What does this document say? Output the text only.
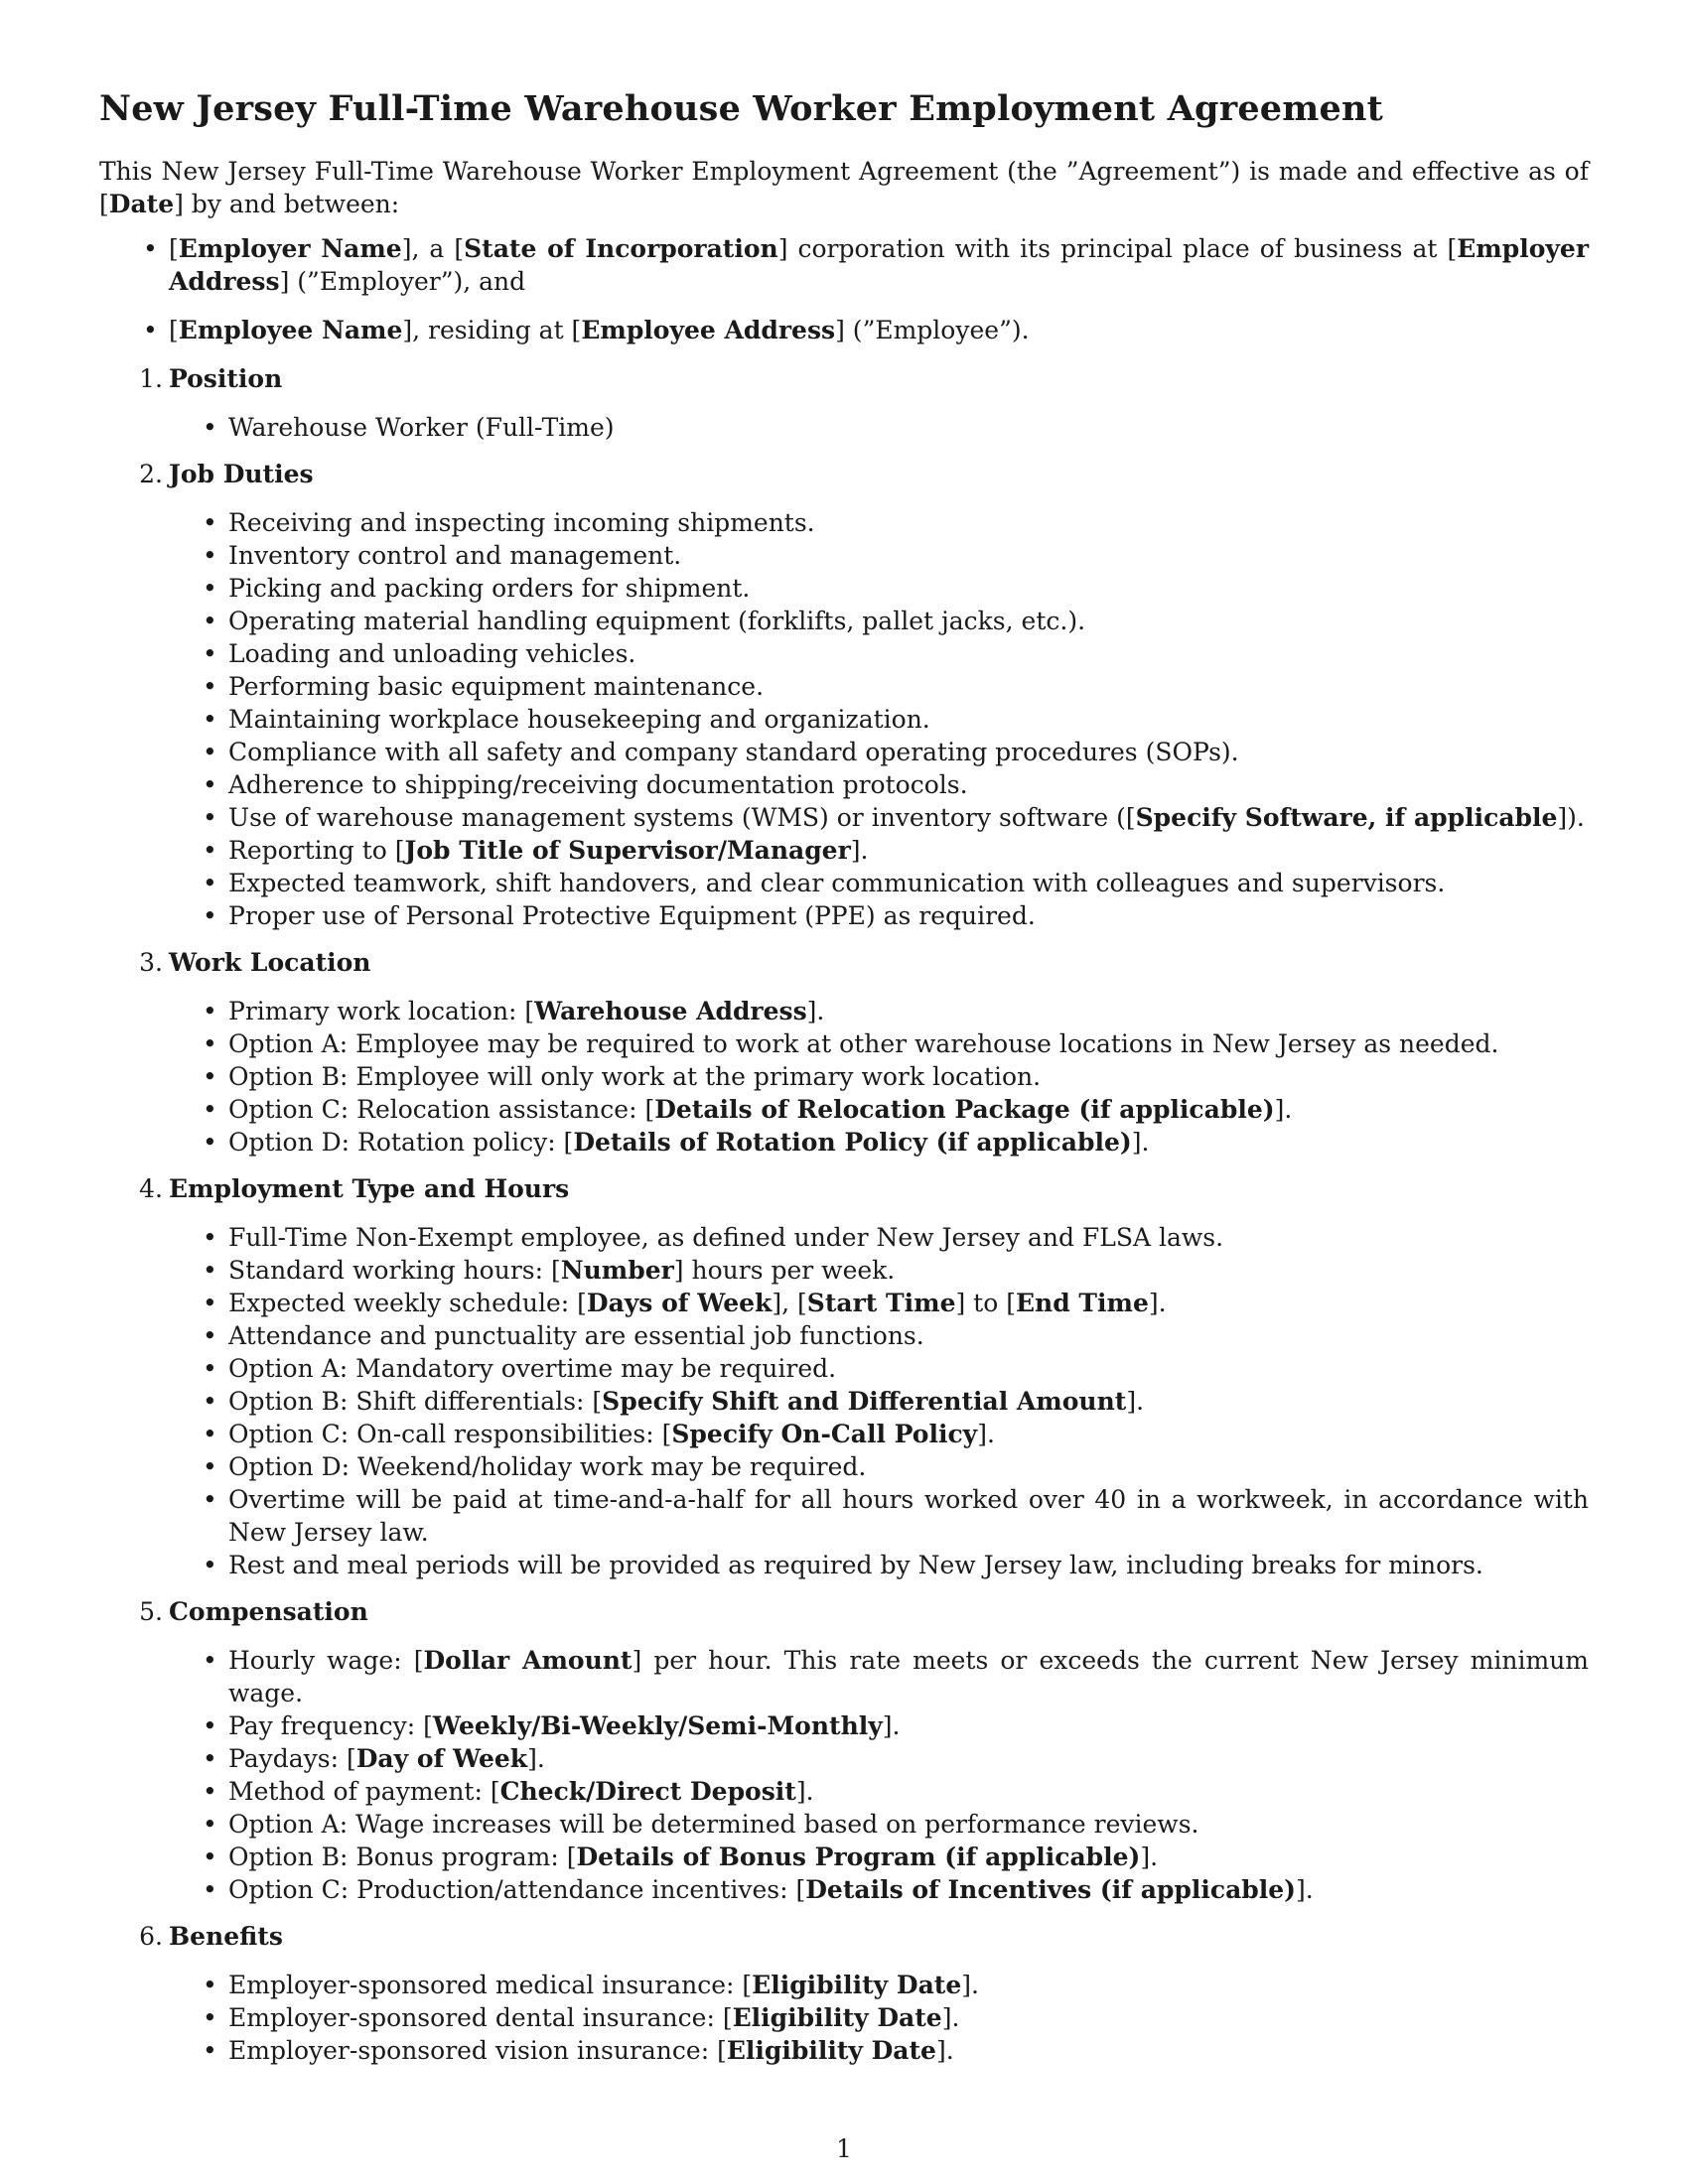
New Jersey Full-Time Warehouse Worker Employment Agreement

This New Jersey Full-Time Warehouse Worker Employment Agreement (the ”Agreement”) is made and effective as of [Date] by and between:

• [Employer Name], a [State of Incorporation] corporation with its principal place of business at [Employer Address] (”Employer”), and
• [Employee Name], residing at [Employee Address] (”Employee”).
1. Position
• Warehouse Worker (Full-Time)
2. Job Duties
• Receiving and inspecting incoming shipments.
• Inventory control and management.
• Picking and packing orders for shipment.
• Operating material handling equipment (forklifts, pallet jacks, etc.).
• Loading and unloading vehicles.
• Performing basic equipment maintenance.
• Maintaining workplace housekeeping and organization.
• Compliance with all safety and company standard operating procedures (SOPs).
• Adherence to shipping/receiving documentation protocols.
• Use of warehouse management systems (WMS) or inventory software ([Specify Software, if applicable]).
• Reporting to [Job Title of Supervisor/Manager].
• Expected teamwork, shift handovers, and clear communication with colleagues and supervisors.
• Proper use of Personal Protective Equipment (PPE) as required.
3. Work Location
• Primary work location: [Warehouse Address].
• Option A: Employee may be required to work at other warehouse locations in New Jersey as needed.
• Option B: Employee will only work at the primary work location.
• Option C: Relocation assistance: [Details of Relocation Package (if applicable)].
• Option D: Rotation policy: [Details of Rotation Policy (if applicable)].
4. Employment Type and Hours
• Full-Time Non-Exempt employee, as defined under New Jersey and FLSA laws.
• Standard working hours: [Number] hours per week.
• Expected weekly schedule: [Days of Week], [Start Time] to [End Time].
• Attendance and punctuality are essential job functions.
• Option A: Mandatory overtime may be required.
• Option B: Shift differentials: [Specify Shift and Differential Amount].
• Option C: On-call responsibilities: [Specify On-Call Policy].
• Option D: Weekend/holiday work may be required.
• Overtime will be paid at time-and-a-half for all hours worked over 40 in a workweek, in accordance with New Jersey law.
• Rest and meal periods will be provided as required by New Jersey law, including breaks for minors.
5. Compensation
• Hourly wage: [Dollar Amount] per hour. This rate meets or exceeds the current New Jersey minimum wage.
• Pay frequency: [Weekly/Bi-Weekly/Semi-Monthly].
• Paydays: [Day of Week].
• Method of payment: [Check/Direct Deposit].
• Option A: Wage increases will be determined based on performance reviews.
• Option B: Bonus program: [Details of Bonus Program (if applicable)].
• Option C: Production/attendance incentives: [Details of Incentives (if applicable)].
6. Benefits
• Employer-sponsored medical insurance: [Eligibility Date].
• Employer-sponsored dental insurance: [Eligibility Date].
• Employer-sponsored vision insurance: [Eligibility Date].
1
